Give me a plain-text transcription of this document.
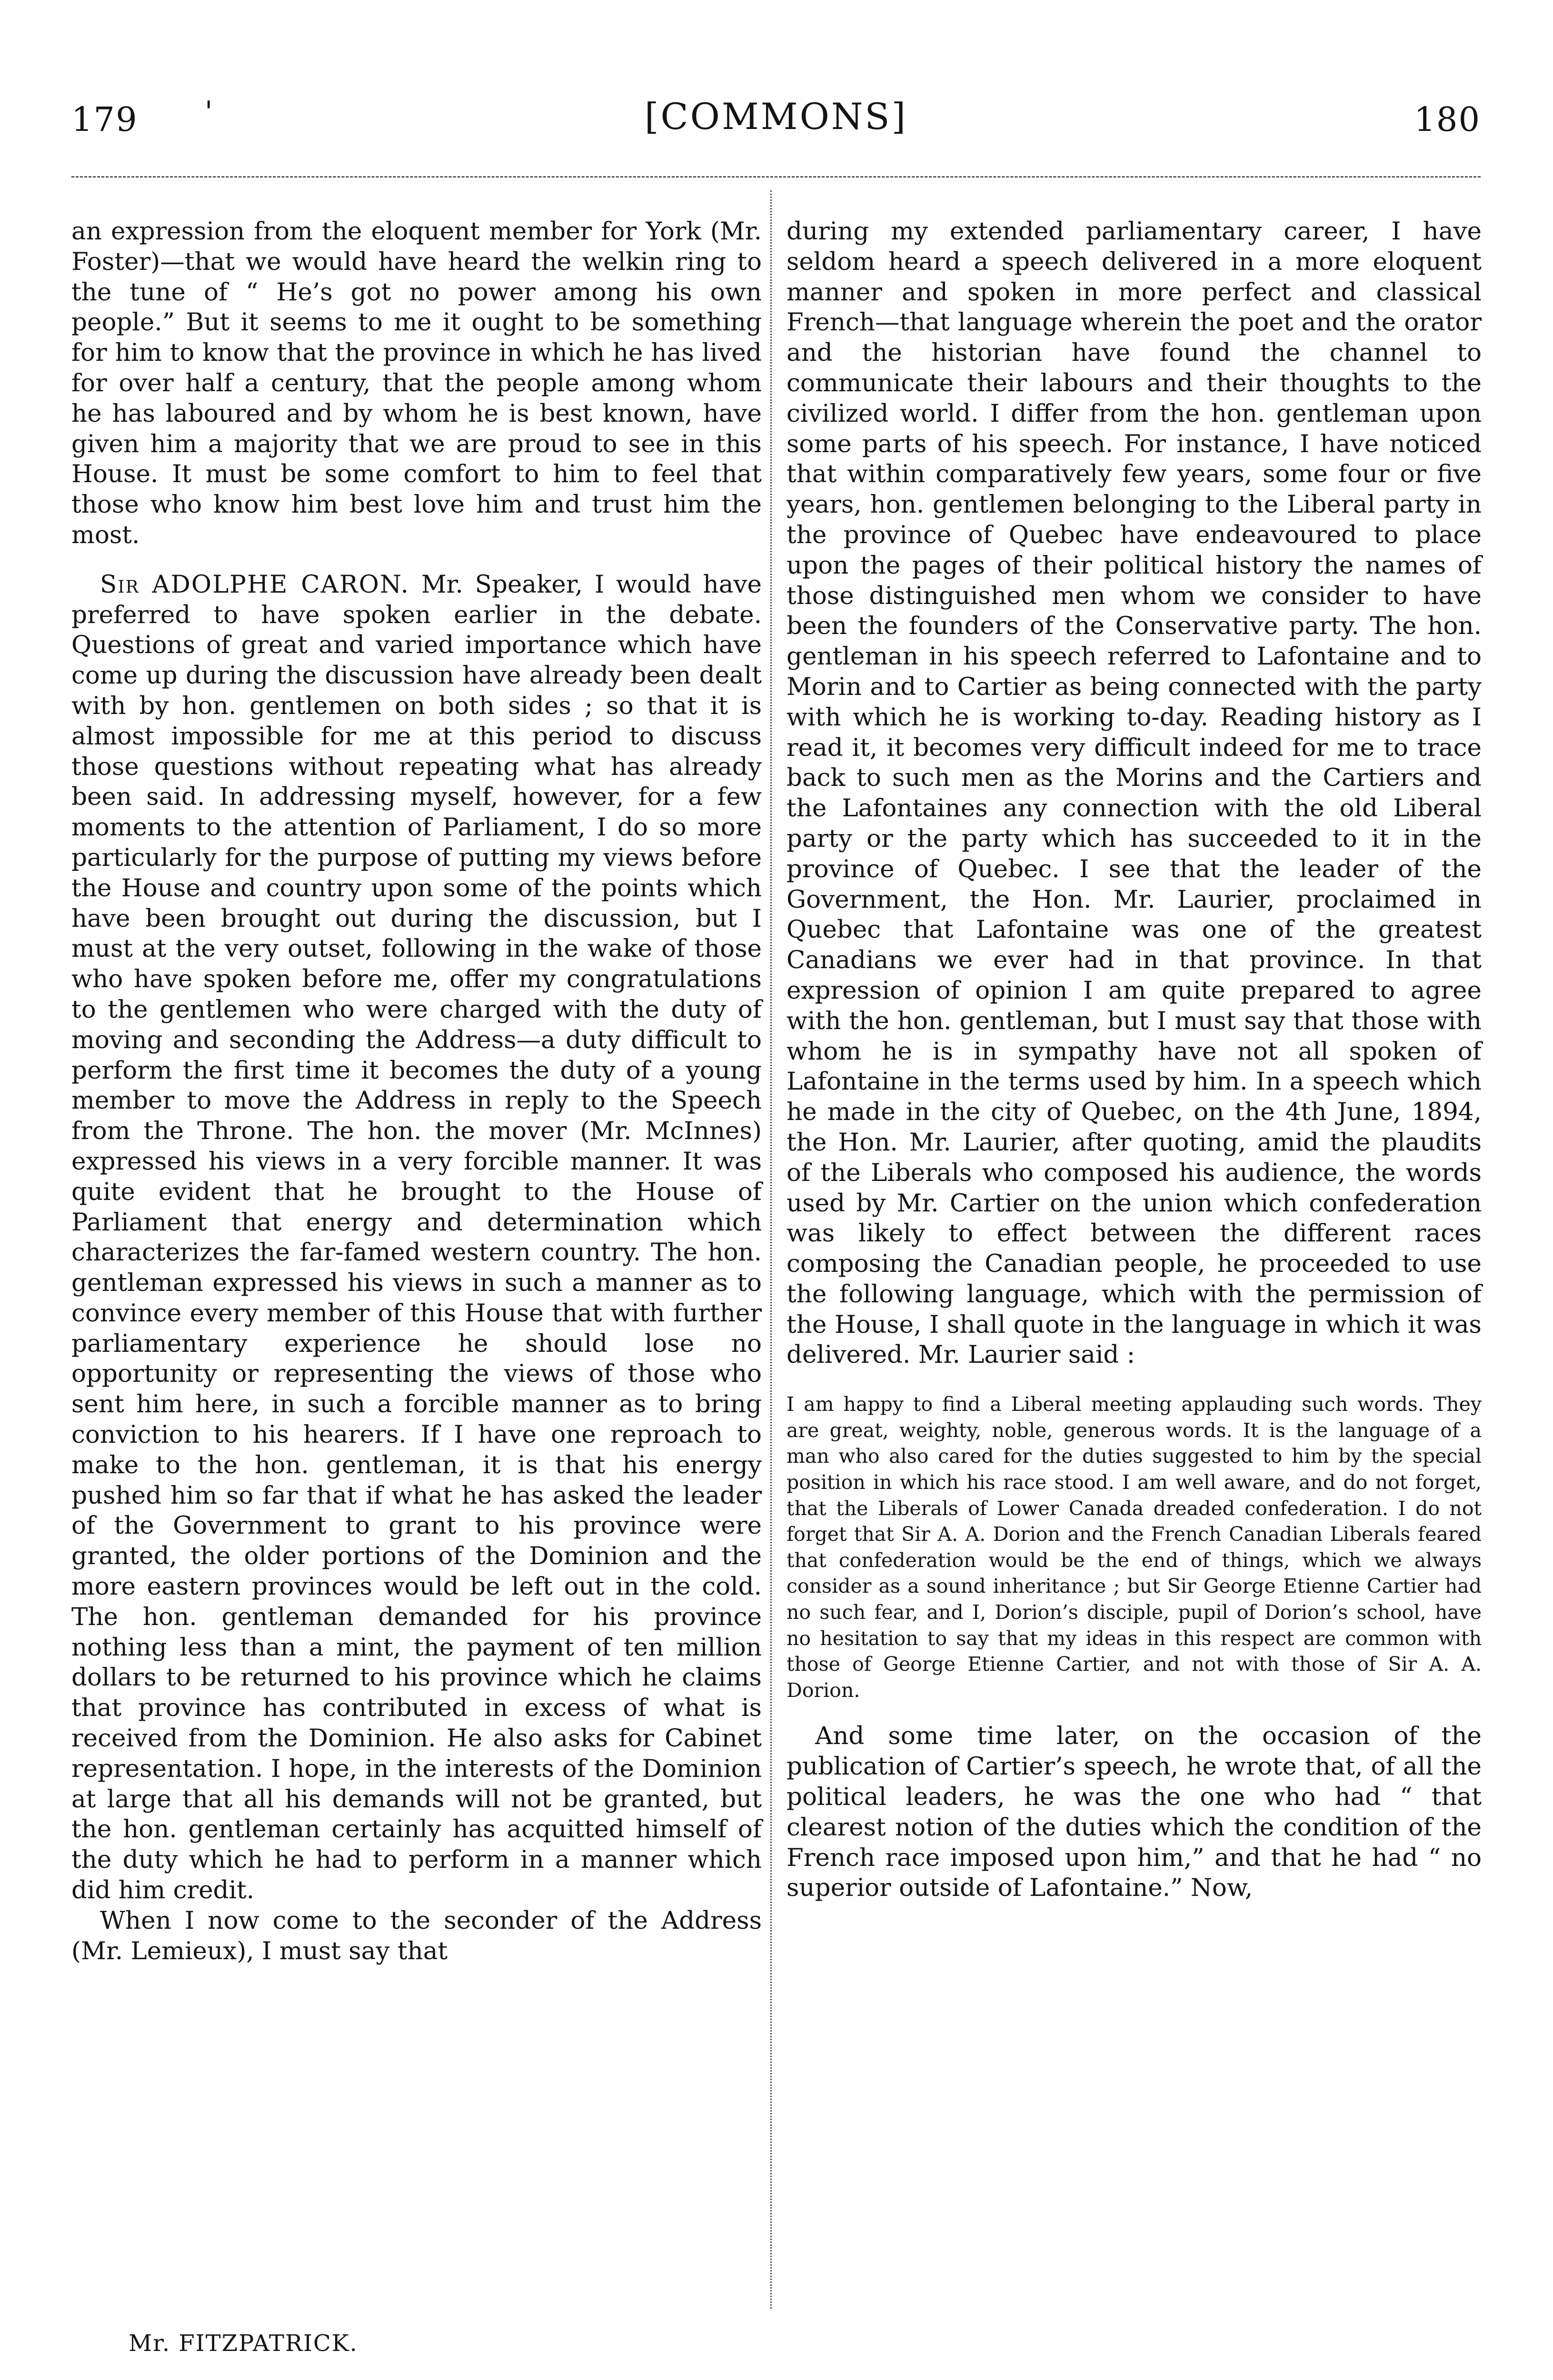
179 '	[COMMONS]	180

an expression from the eloquent member for York (Mr. Foster)—that we would have heard the welkin ring to the tune of “ He’s got no power among his own people.” But it seems to me it ought to be something for him to know that the province in which he has lived for over half a century, that the people among whom he has laboured and by whom he is best known, have given him a majority that we are proud to see in this House. It must be some comfort to him to feel that those who know him best love him and trust him the most.

Sir ADOLPHE CARON. Mr. Speaker, I would have preferred to have spoken earlier in the debate. Questions of great and varied importance which have come up during the discussion have already been dealt with by hon. gentlemen on both sides ; so that it is almost impossible for me at this period to discuss those questions without repeating what has already been said. In addressing myself, however, for a few moments to the attention of Parliament, I do so more particularly for the purpose of putting my views before the House and country upon some of the points which have been brought out during the discussion, but I must at the very outset, following in the wake of those who have spoken before me, offer my congratulations to the gentlemen who were charged with the duty of moving and seconding the Address—a duty difficult to perform the first time it becomes the duty of a young member to move the Address in reply to the Speech from the Throne. The hon. the mover (Mr. McInnes) expressed his views in a very forcible manner. It was quite evident that he brought to the House of Parliament that energy and determination which characterizes the far-famed western country. The hon. gentleman expressed his views in such a manner as to convince every member of this House that with further parliamentary experience he should lose no opportunity or representing the views of those who sent him here, in such a forcible manner as to bring conviction to his hearers. If I have one reproach to make to the hon. gentleman, it is that his energy pushed him so far that if what he has asked the leader of the Government to grant to his province were granted, the older portions of the Dominion and the more eastern provinces would be left out in the cold. The hon. gentleman demanded for his province nothing less than a mint, the payment of ten million dollars to be returned to his province which he claims that province has contributed in excess of what is received from the Dominion. He also asks for Cabinet representation. I hope, in the interests of the Dominion at large that all his demands will not be granted, but the hon. gentleman certainly has acquitted himself of the duty which he had to perform in a manner which did him credit.

When I now come to the seconder of the Address (Mr. Lemieux), I must say that

during my extended parliamentary career, I have seldom heard a speech delivered in a more eloquent manner and spoken in more perfect and classical French—that language wherein the poet and the orator and the historian have found the channel to communicate their labours and their thoughts to the civilized world. I differ from the hon. gentleman upon some parts of his speech. For instance, I have noticed that within comparatively few years, some four or five years, hon. gentlemen belonging to the Liberal party in the province of Quebec have endeavoured to place upon the pages of their political history the names of those distinguished men whom we consider to have been the founders of the Conservative party. The hon. gentleman in his speech referred to Lafontaine and to Morin and to Cartier as being connected with the party with which he is working to-day. Reading history as I read it, it becomes very difficult indeed for me to trace back to such men as the Morins and the Cartiers and the Lafontaines any connection with the old Liberal party or the party which has succeeded to it in the province of Quebec. I see that the leader of the Government, the Hon. Mr. Laurier, proclaimed in Quebec that Lafontaine was one of the greatest Canadians we ever had in that province. In that expression of opinion I am quite prepared to agree with the hon. gentleman, but I must say that those with whom he is in sympathy have not all spoken of Lafontaine in the terms used by him. In a speech which he made in the city of Quebec, on the 4th June, 1894, the Hon. Mr. Laurier, after quoting, amid the plaudits of the Liberals who composed his audience, the words used by Mr. Cartier on the union which confederation was likely to effect between the different races composing the Canadian people, he proceeded to use the following language, which with the permission of the House, I shall quote in the language in which it was delivered. Mr. Laurier said :

I am happy to find a Liberal meeting applauding such words. They are great, weighty, noble, generous words. It is the language of a man who also cared for the duties suggested to him by the special position in which his race stood. I am well aware, and do not forget, that the Liberals of Lower Canada dreaded confederation. I do not forget that Sir A. A. Dorion and the French Canadian Liberals feared that confederation would be the end of things, which we always consider as a sound inheritance ; but Sir George Etienne Cartier had no such fear, and I, Dorion’s disciple, pupil of Dorion’s school, have no hesitation to say that my ideas in this respect are common with those of George Etienne Cartier, and not with those of Sir A. A. Dorion.

And some time later, on the occasion of the publication of Cartier’s speech, he wrote that, of all the political leaders, he was the one who had “ that clearest notion of the duties which the condition of the French race imposed upon him,” and that he had “ no superior outside of Lafontaine.” Now,

Mr. FITZPATRICK.
